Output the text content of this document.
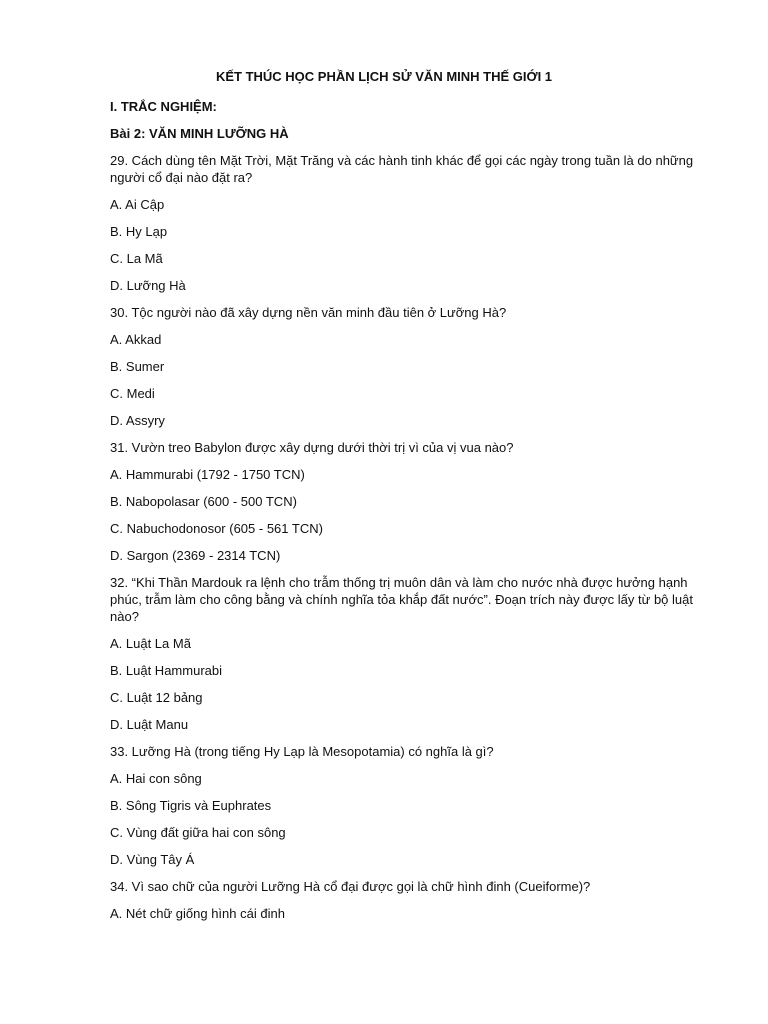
KẾT THÚC HỌC PHẦN LỊCH SỬ VĂN MINH THẾ GIỚI 1
I. TRẮC NGHIỆM:
Bài 2: VĂN MINH LƯỠNG HÀ
29. Cách dùng tên Mặt Trời, Mặt Trăng và các hành tinh khác để gọi các ngày trong tuần là do những người cổ đại nào đặt ra?
A. Ai Cập
B. Hy Lạp
C. La Mã
D. Lưỡng Hà
30. Tộc người nào đã xây dựng nền văn minh đầu tiên ở Lưỡng Hà?
A. Akkad
B. Sumer
C. Medi
D. Assyry
31. Vườn treo Babylon được xây dựng dưới thời trị vì của vị vua nào?
A. Hammurabi (1792 - 1750 TCN)
B. Nabopolasar (600 - 500 TCN)
C. Nabuchodonosor (605 - 561 TCN)
D. Sargon (2369 - 2314 TCN)
32. “Khi Thần Mardouk ra lệnh cho trẫm thống trị muôn dân và làm cho nước nhà được hưởng hạnh phúc, trẫm làm cho công bằng và chính nghĩa tỏa khắp đất nước”. Đoạn trích này được lấy từ bộ luật nào?
A. Luật La Mã
B. Luật Hammurabi
C. Luật 12 bảng
D. Luật Manu
33. Lưỡng Hà (trong tiếng Hy Lạp là Mesopotamia) có nghĩa là gì?
A. Hai con sông
B. Sông Tigris và Euphrates
C. Vùng đất giữa hai con sông
D. Vùng Tây Á
34. Vì sao chữ của người Lưỡng Hà cổ đại được gọi là chữ hình đinh (Cueiforme)?
A. Nét chữ giống hình cái đinh
